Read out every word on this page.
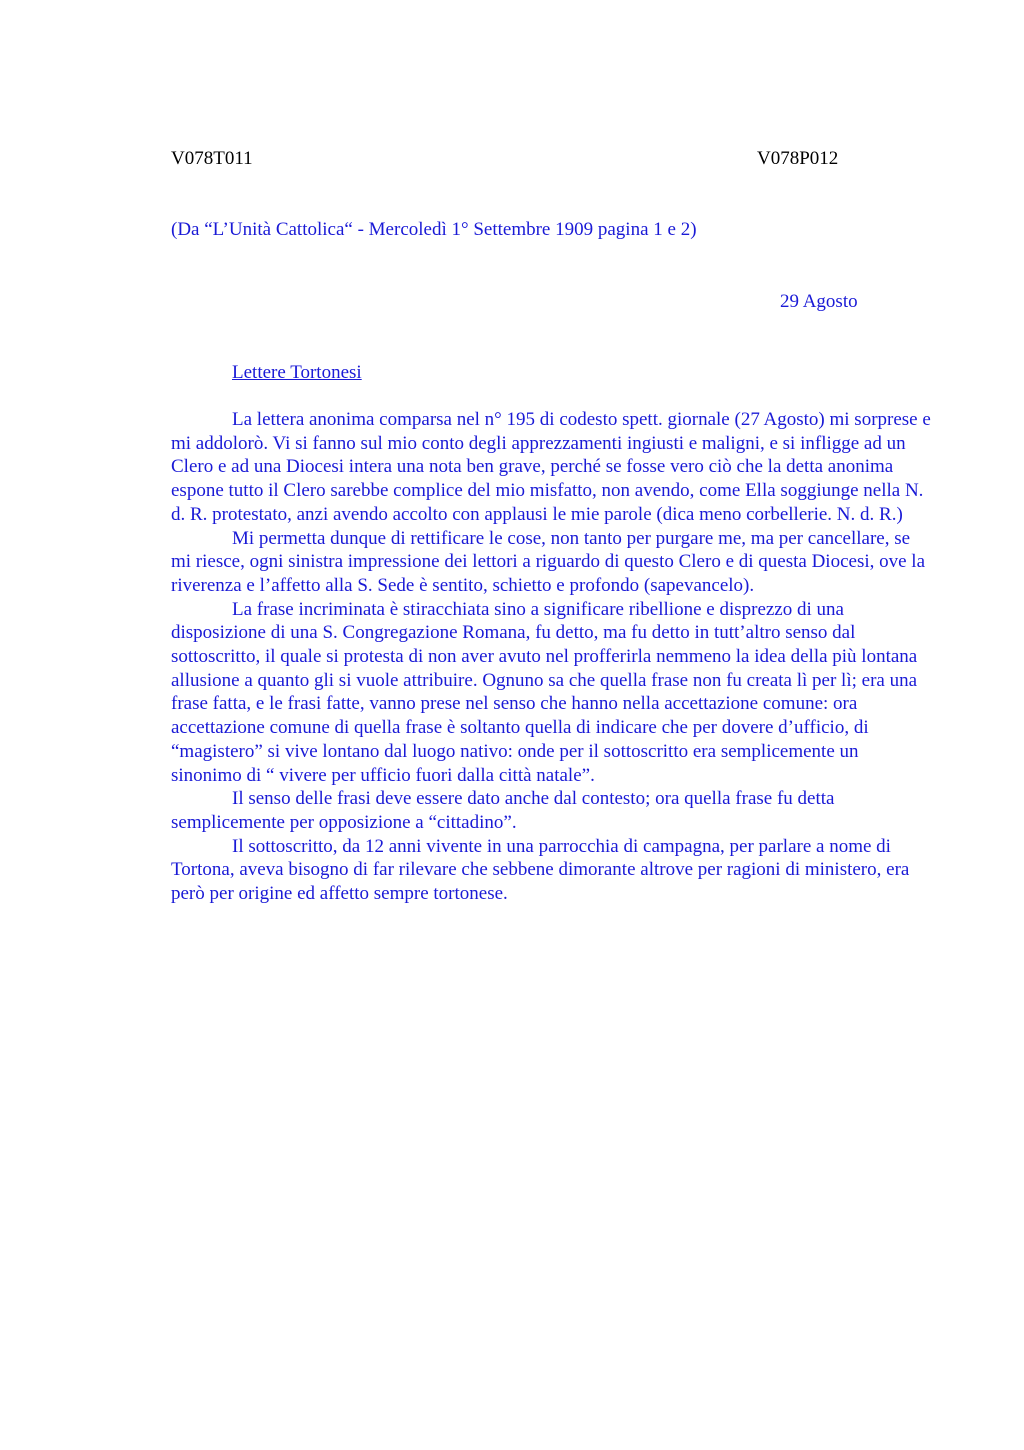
V078T011	V078P012
(Da “L’Unità Cattolica“ - Mercoledì 1° Settembre 1909 pagina 1 e 2)
29 Agosto
Lettere Tortonesi

La lettera anonima comparsa nel n° 195 di codesto spett. giornale (27 Agosto) mi sorprese e mi addolorò. Vi si fanno sul mio conto degli apprezzamenti ingiusti e maligni, e si infligge ad un Clero e ad una Diocesi intera una nota ben grave, perché se fosse vero ciò che la detta anonima espone tutto il Clero sarebbe complice del mio misfatto, non avendo, come Ella soggiunge nella N. d. R. protestato, anzi avendo accolto con applausi le mie parole (dica meno corbellerie. N. d. R.)

Mi permetta dunque di rettificare le cose, non tanto per purgare me, ma per cancellare, se mi riesce, ogni sinistra impressione dei lettori a riguardo di questo Clero e di questa Diocesi, ove la riverenza e l’affetto alla S. Sede è sentito, schietto e profondo (sapevancelo).

La frase incriminata è stiracchiata sino a significare ribellione e disprezzo di una disposizione di una S. Congregazione Romana, fu detto, ma fu detto in tutt’altro senso dal sottoscritto, il quale si protesta di non aver avuto nel profferirla nemmeno la idea della più lontana allusione a quanto gli si vuole attribuire. Ognuno sa che quella frase non fu creata lì per lì; era una frase fatta, e le frasi fatte, vanno prese nel senso che hanno nella accettazione comune: ora accettazione comune di quella frase è soltanto quella di indicare che per dovere d’ufficio, di “magistero” si vive lontano dal luogo nativo: onde per il sottoscritto era semplicemente un sinonimo di “ vivere per ufficio fuori dalla città natale”.

Il senso delle frasi deve essere dato anche dal contesto; ora quella frase fu detta semplicemente per opposizione a “cittadino”.

Il sottoscritto, da 12 anni vivente in una parrocchia di campagna, per parlare a nome di Tortona, aveva bisogno di far rilevare che sebbene dimorante altrove per ragioni di ministero, era però per origine ed affetto sempre tortonese.
